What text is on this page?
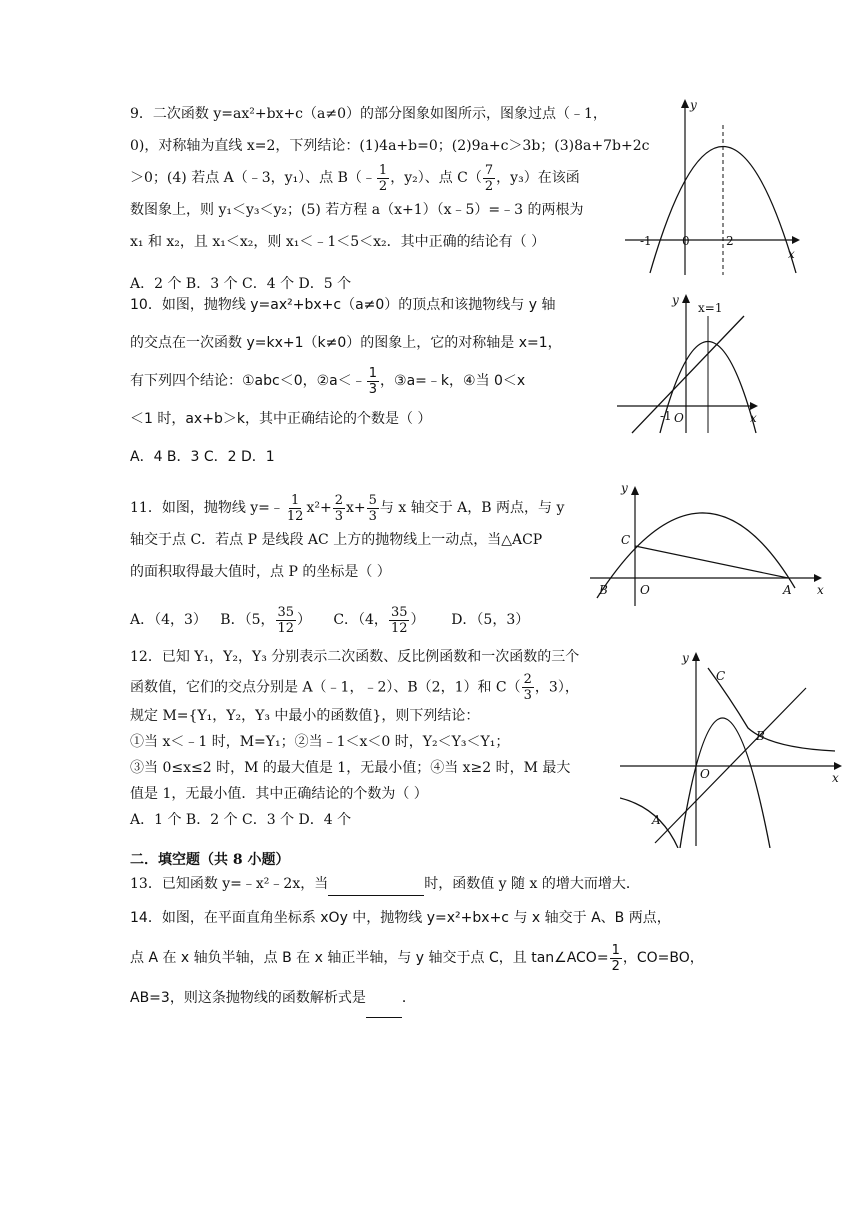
9．二次函数 y=ax²+bx+c（a≠0）的部分图象如图所示，图象过点（﹣1，
0)，对称轴为直线 x=2，下列结论：(1)4a+b=0；(2)9a+c＞3b；(3)8a+7b+2c
＞0；(4) 若点 A（﹣3，y₁）、点 B（﹣ $\frac{1}{2}$ ，y₂）、点 $C( \frac{7}{2}$ ，y₃）在该函
数图象上，则 y₁＜y₃＜y₂；(5) 若方程 a（x+1）（x﹣5）=﹣3 的两根为
x₁ 和 x₂，且 x₁＜x₂，则 x₁＜﹣1＜5＜x₂．其中正确的结论有（ ）
A．2 个 B．3 个 C．4 个 D．5 个
y
x
-1	0	2
10．如图，抛物线 y=ax²+bx+c（a≠0）的顶点和该抛物线与 y 轴
的交点在一次函数 y=kx+1（k≠0）的图象上，它的对称轴是 x=1，
有下列四个结论：①abc＜0，②a＜﹣ $\frac{1}{3}$ ，③a=﹣k，④当 0＜x
＜1 时，ax+b＞k，其中正确结论的个数是（ ）
A．4 B．3 C．2 D．1
y
x
x=1
-1 O
11．如图，抛物线 y=﹣ $\frac{1}{12} x^2+ \frac{2}{3} x+ \frac{5}{3}$ 与 x 轴交于 A，B 两点，与 y
轴交于点 C．若点 P 是线段 AC 上方的抛物线上一动点，当△ACP
的面积取得最大值时，点 P 的坐标是（ ）
A．（4，3） B．（5， $\frac{35}{12}$ ） C．（4， $\frac{35}{12}$ ） D．（5，3）
y
x
C
B	O	A
12．已知 Y₁，Y₂，Y₃ 分别表示二次函数、反比例函数和一次函数的三个
函数值，它们的交点分别是 A（﹣1，﹣2）、B（2，1）和 $C( \frac{2}{3}$ ，3），
规定 M={Y₁，Y₂，Y₃ 中最小的函数值}，则下列结论：
①当 x＜﹣1 时，M=Y₁；②当﹣1＜x＜0 时，Y₂＜Y₃＜Y₁；
③当 0≤x≤2 时，M 的最大值是 1，无最小值；④当 x≥2 时，M 最大
值是 1，无最小值．其中正确结论的个数为（ ）
A．1 个 B．2 个 C．3 个 D．4 个
y
x
C
B
O
A
二．填空题（共 8 小题）
13．已知函数 y=﹣x²﹣2x，当	时，函数值 y 随 x 的增大而增大．
14．如图，在平面直角坐标系 xOy 中，抛物线 y=x²+bx+c 与 x 轴交于 A、B 两点，
点 A 在 x 轴负半轴，点 B 在 x 轴正半轴，与 y 轴交于点 C，且 tan∠ACO= $\frac{1}{2}$ ，CO=BO，
AB=3，则这条抛物线的函数解析式是	．
